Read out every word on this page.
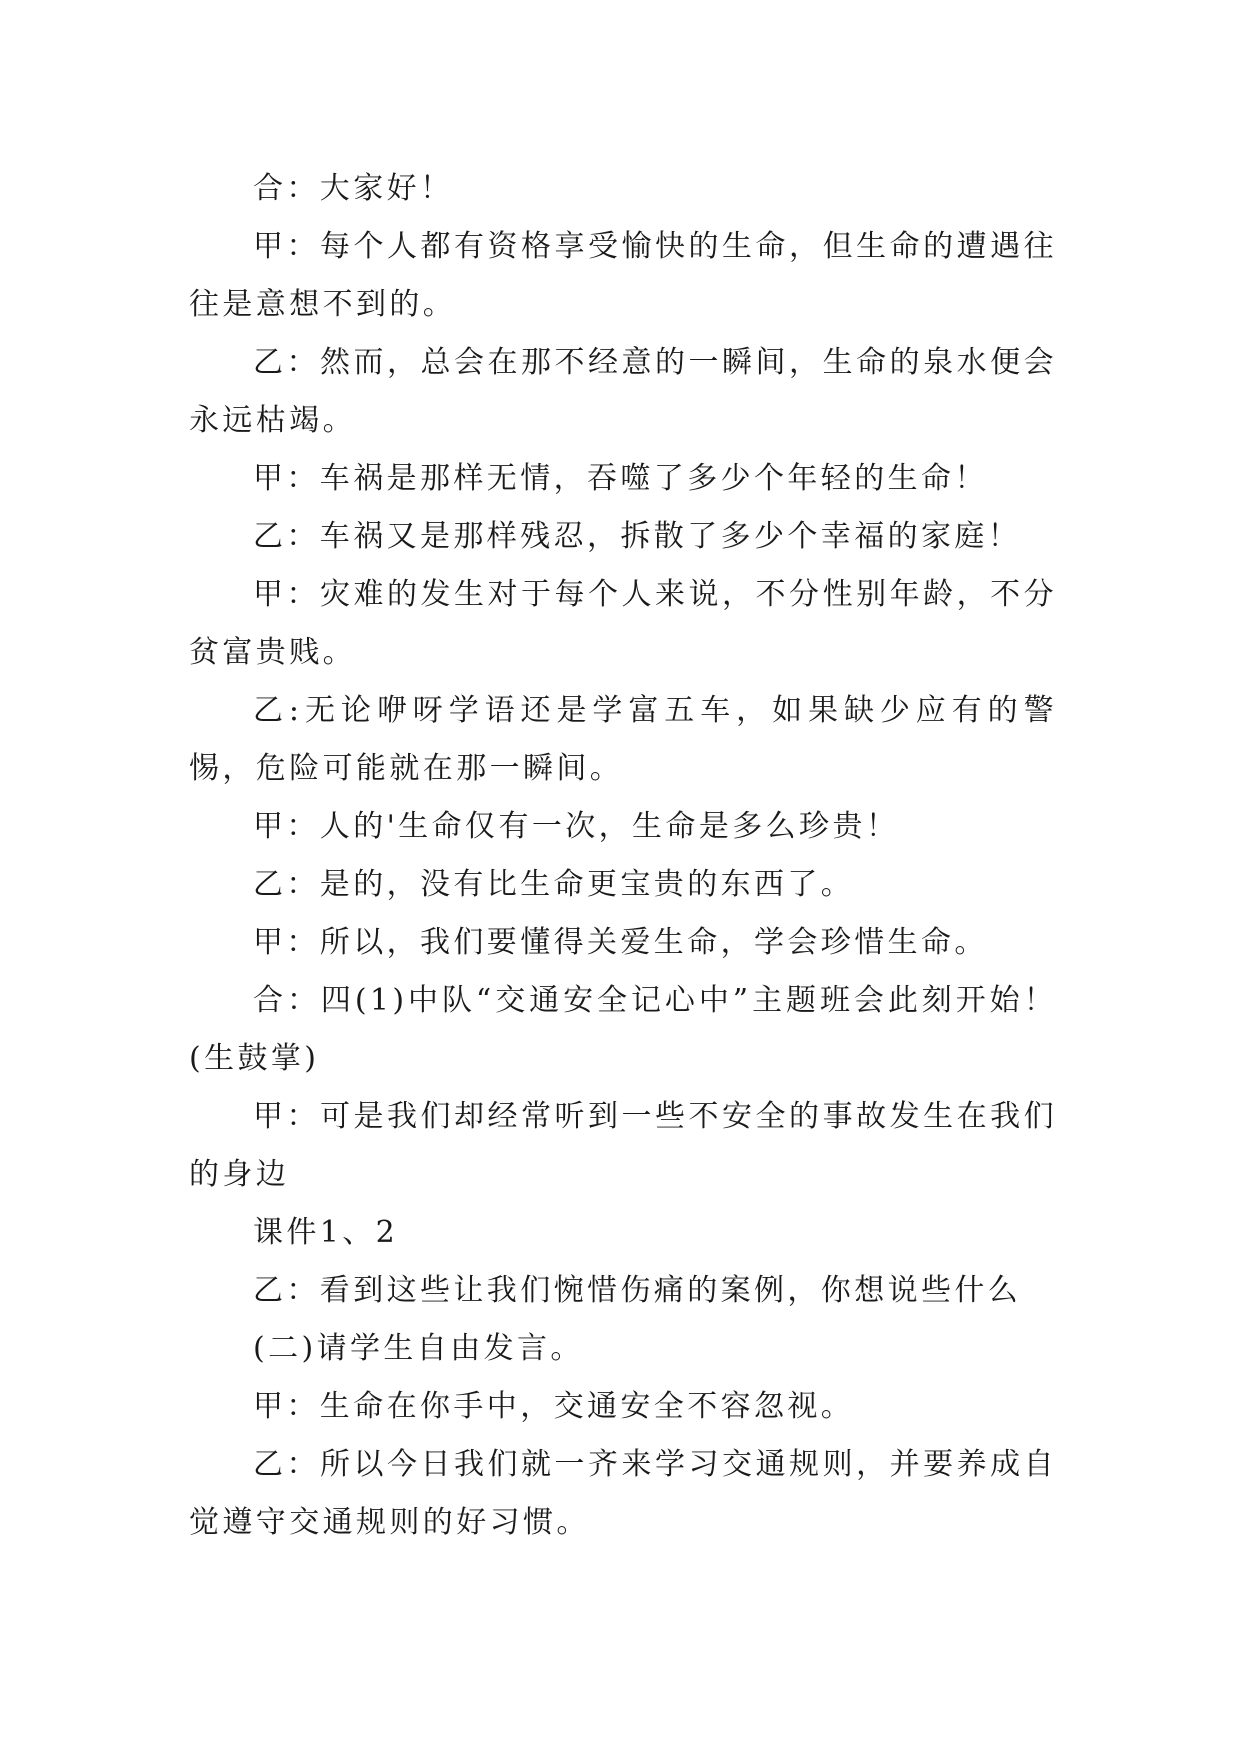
合：大家好！

甲：每个人都有资格享受愉快的生命，但生命的遭遇往往是意想不到的。

乙：然而，总会在那不经意的一瞬间，生命的泉水便会永远枯竭。

甲：车祸是那样无情，吞噬了多少个年轻的生命！

乙：车祸又是那样残忍，拆散了多少个幸福的家庭！

甲：灾难的发生对于每个人来说，不分性别年龄，不分贫富贵贱。

乙:无论咿呀学语还是学富五车，如果缺少应有的警惕，危险可能就在那一瞬间。

甲：人的'生命仅有一次，生命是多么珍贵！

乙：是的，没有比生命更宝贵的东西了。

甲：所以，我们要懂得关爱生命，学会珍惜生命。

合：四(1)中队“交通安全记心中”主题班会此刻开始！(生鼓掌)

甲：可是我们却经常听到一些不安全的事故发生在我们的身边

课件1、2

乙：看到这些让我们惋惜伤痛的案例，你想说些什么

(二)请学生自由发言。

甲：生命在你手中，交通安全不容忽视。

乙：所以今日我们就一齐来学习交通规则，并要养成自觉遵守交通规则的好习惯。
